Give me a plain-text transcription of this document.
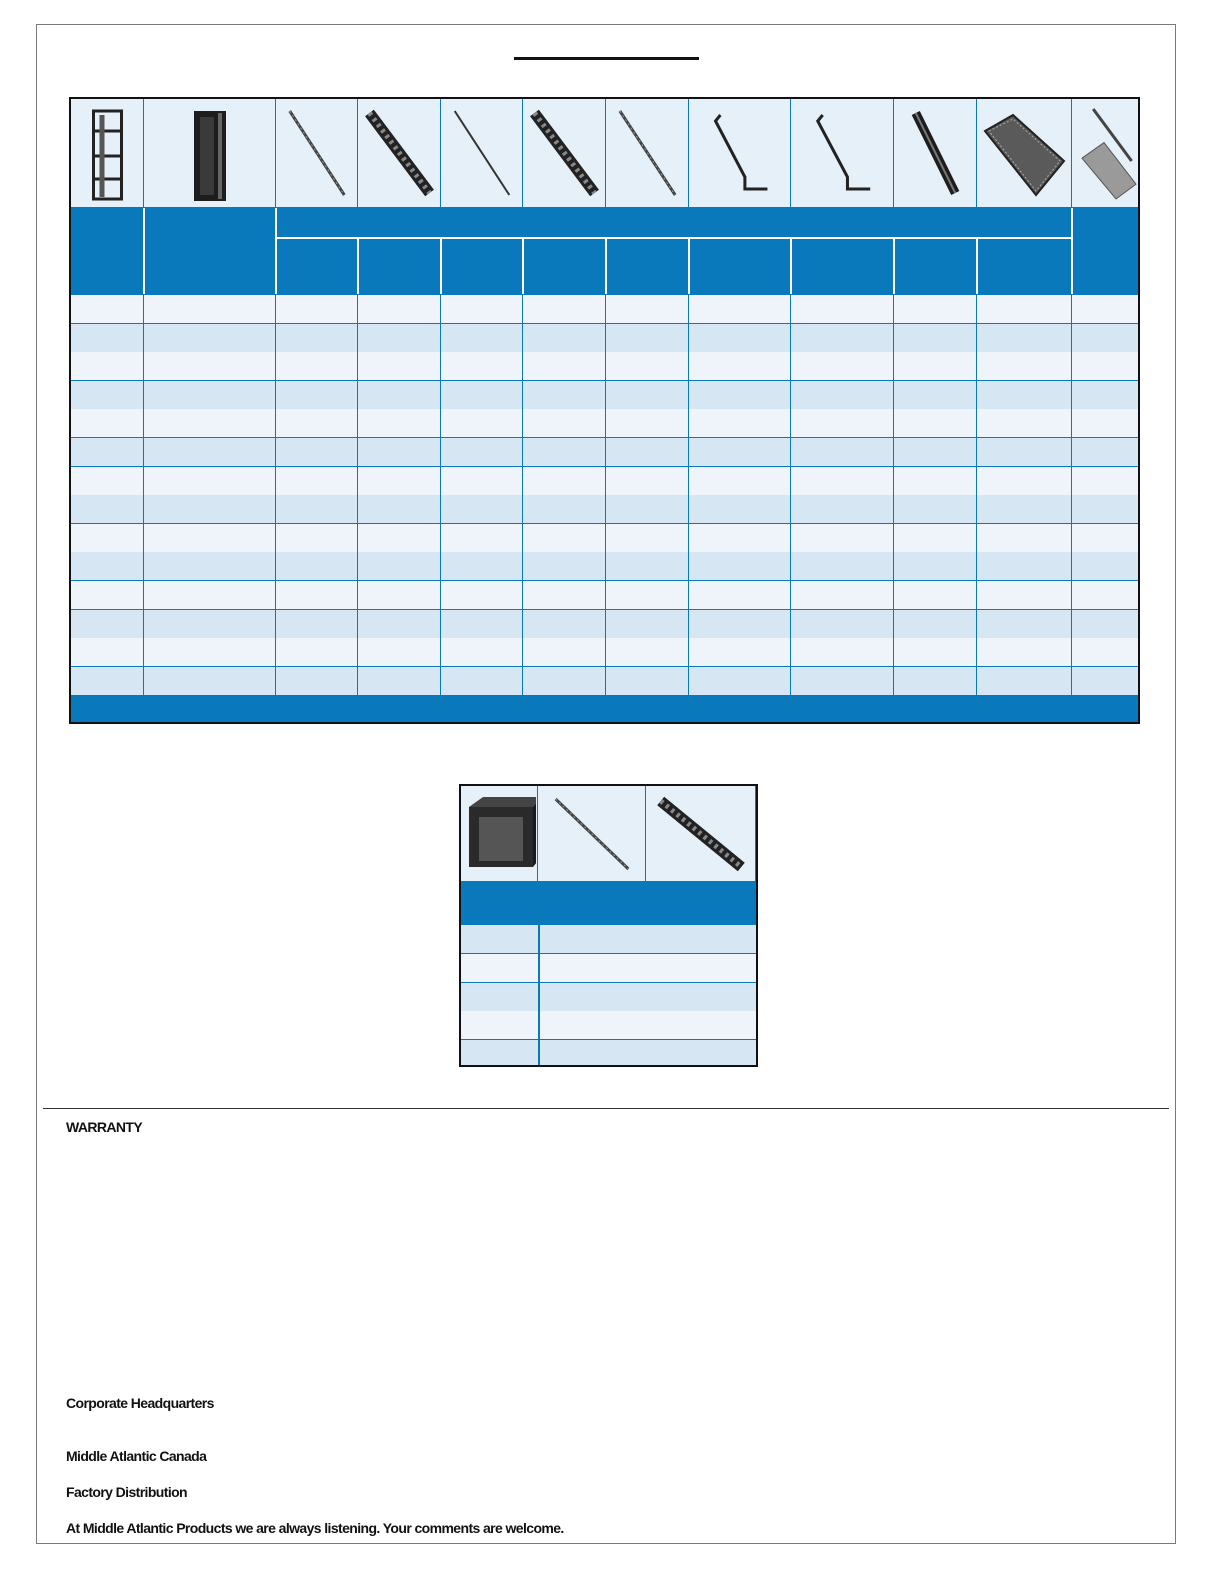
WARRANTY
Corporate Headquarters
Middle Atlantic Canada
Factory Distribution
At Middle Atlantic Products we are always listening. Your comments are welcome.
